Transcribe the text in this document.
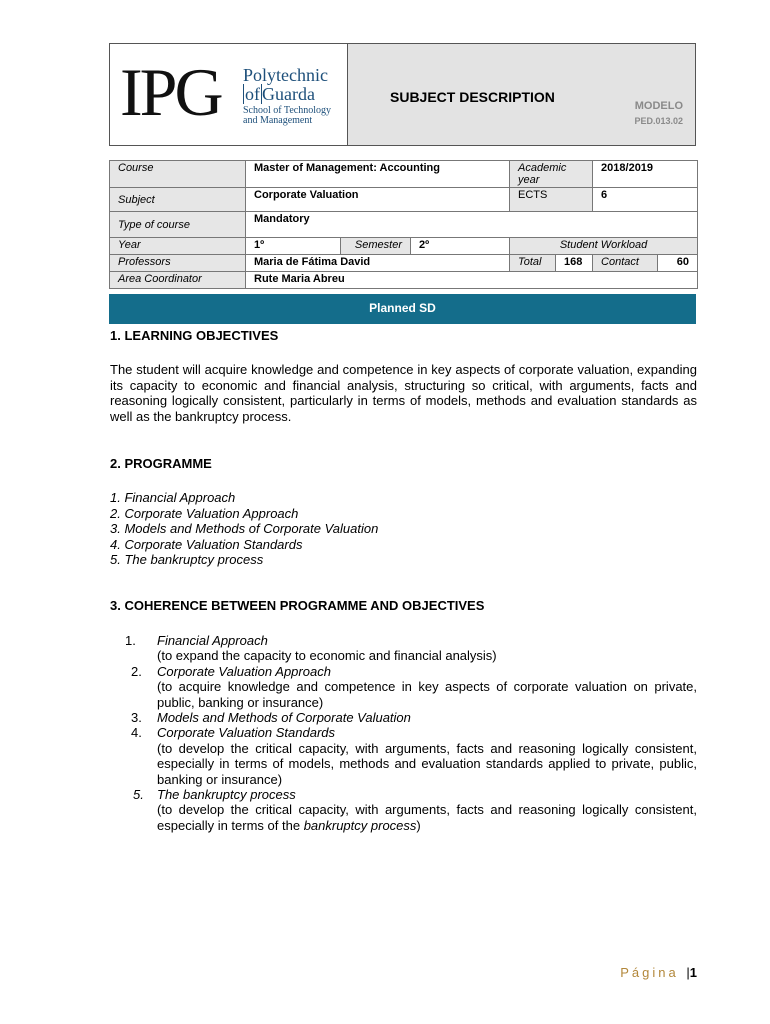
IPG Polytechnic
of Guarda
School of Technology
and Management
SUBJECT DESCRIPTION
MODELO
PED.013.02
Course	Master of Management: Accounting			Academic year		2018/2019	
Subject	Corporate Valuation			ECTS		6	
Type of course	Mandatory						
Year	1º	Semester	2º	Student Workload			
Professors	Maria de Fátima David			Total	168	Contact	60
Area Coordinator	Rute Maria Abreu						
Planned SD
1. LEARNING OBJECTIVES
The student will acquire knowledge and competence in key aspects of corporate valuation, expanding its capacity to economic and financial analysis, structuring so critical, with arguments, facts and reasoning logically consistent, particularly in terms of models, methods and evaluation standards as well as the bankruptcy process.
2. PROGRAMME
1. Financial Approach
2. Corporate Valuation Approach
3. Models and Methods of Corporate Valuation
4. Corporate Valuation Standards
5. The bankruptcy process
3. COHERENCE BETWEEN PROGRAMME AND OBJECTIVES
1.	Financial Approach
(to expand the capacity to economic and financial analysis)
2.	Corporate Valuation Approach
(to acquire knowledge and competence in key aspects of corporate valuation on private, public, banking or insurance)
3.	Models and Methods of Corporate Valuation
4.	Corporate Valuation Standards
(to develop the critical capacity, with arguments, facts and reasoning logically consistent, especially in terms of models, methods and evaluation standards applied to private, public, banking or insurance)
5.	The bankruptcy process
(to develop the critical capacity, with arguments, facts and reasoning logically consistent, especially in terms of the bankruptcy process)
Página |1
